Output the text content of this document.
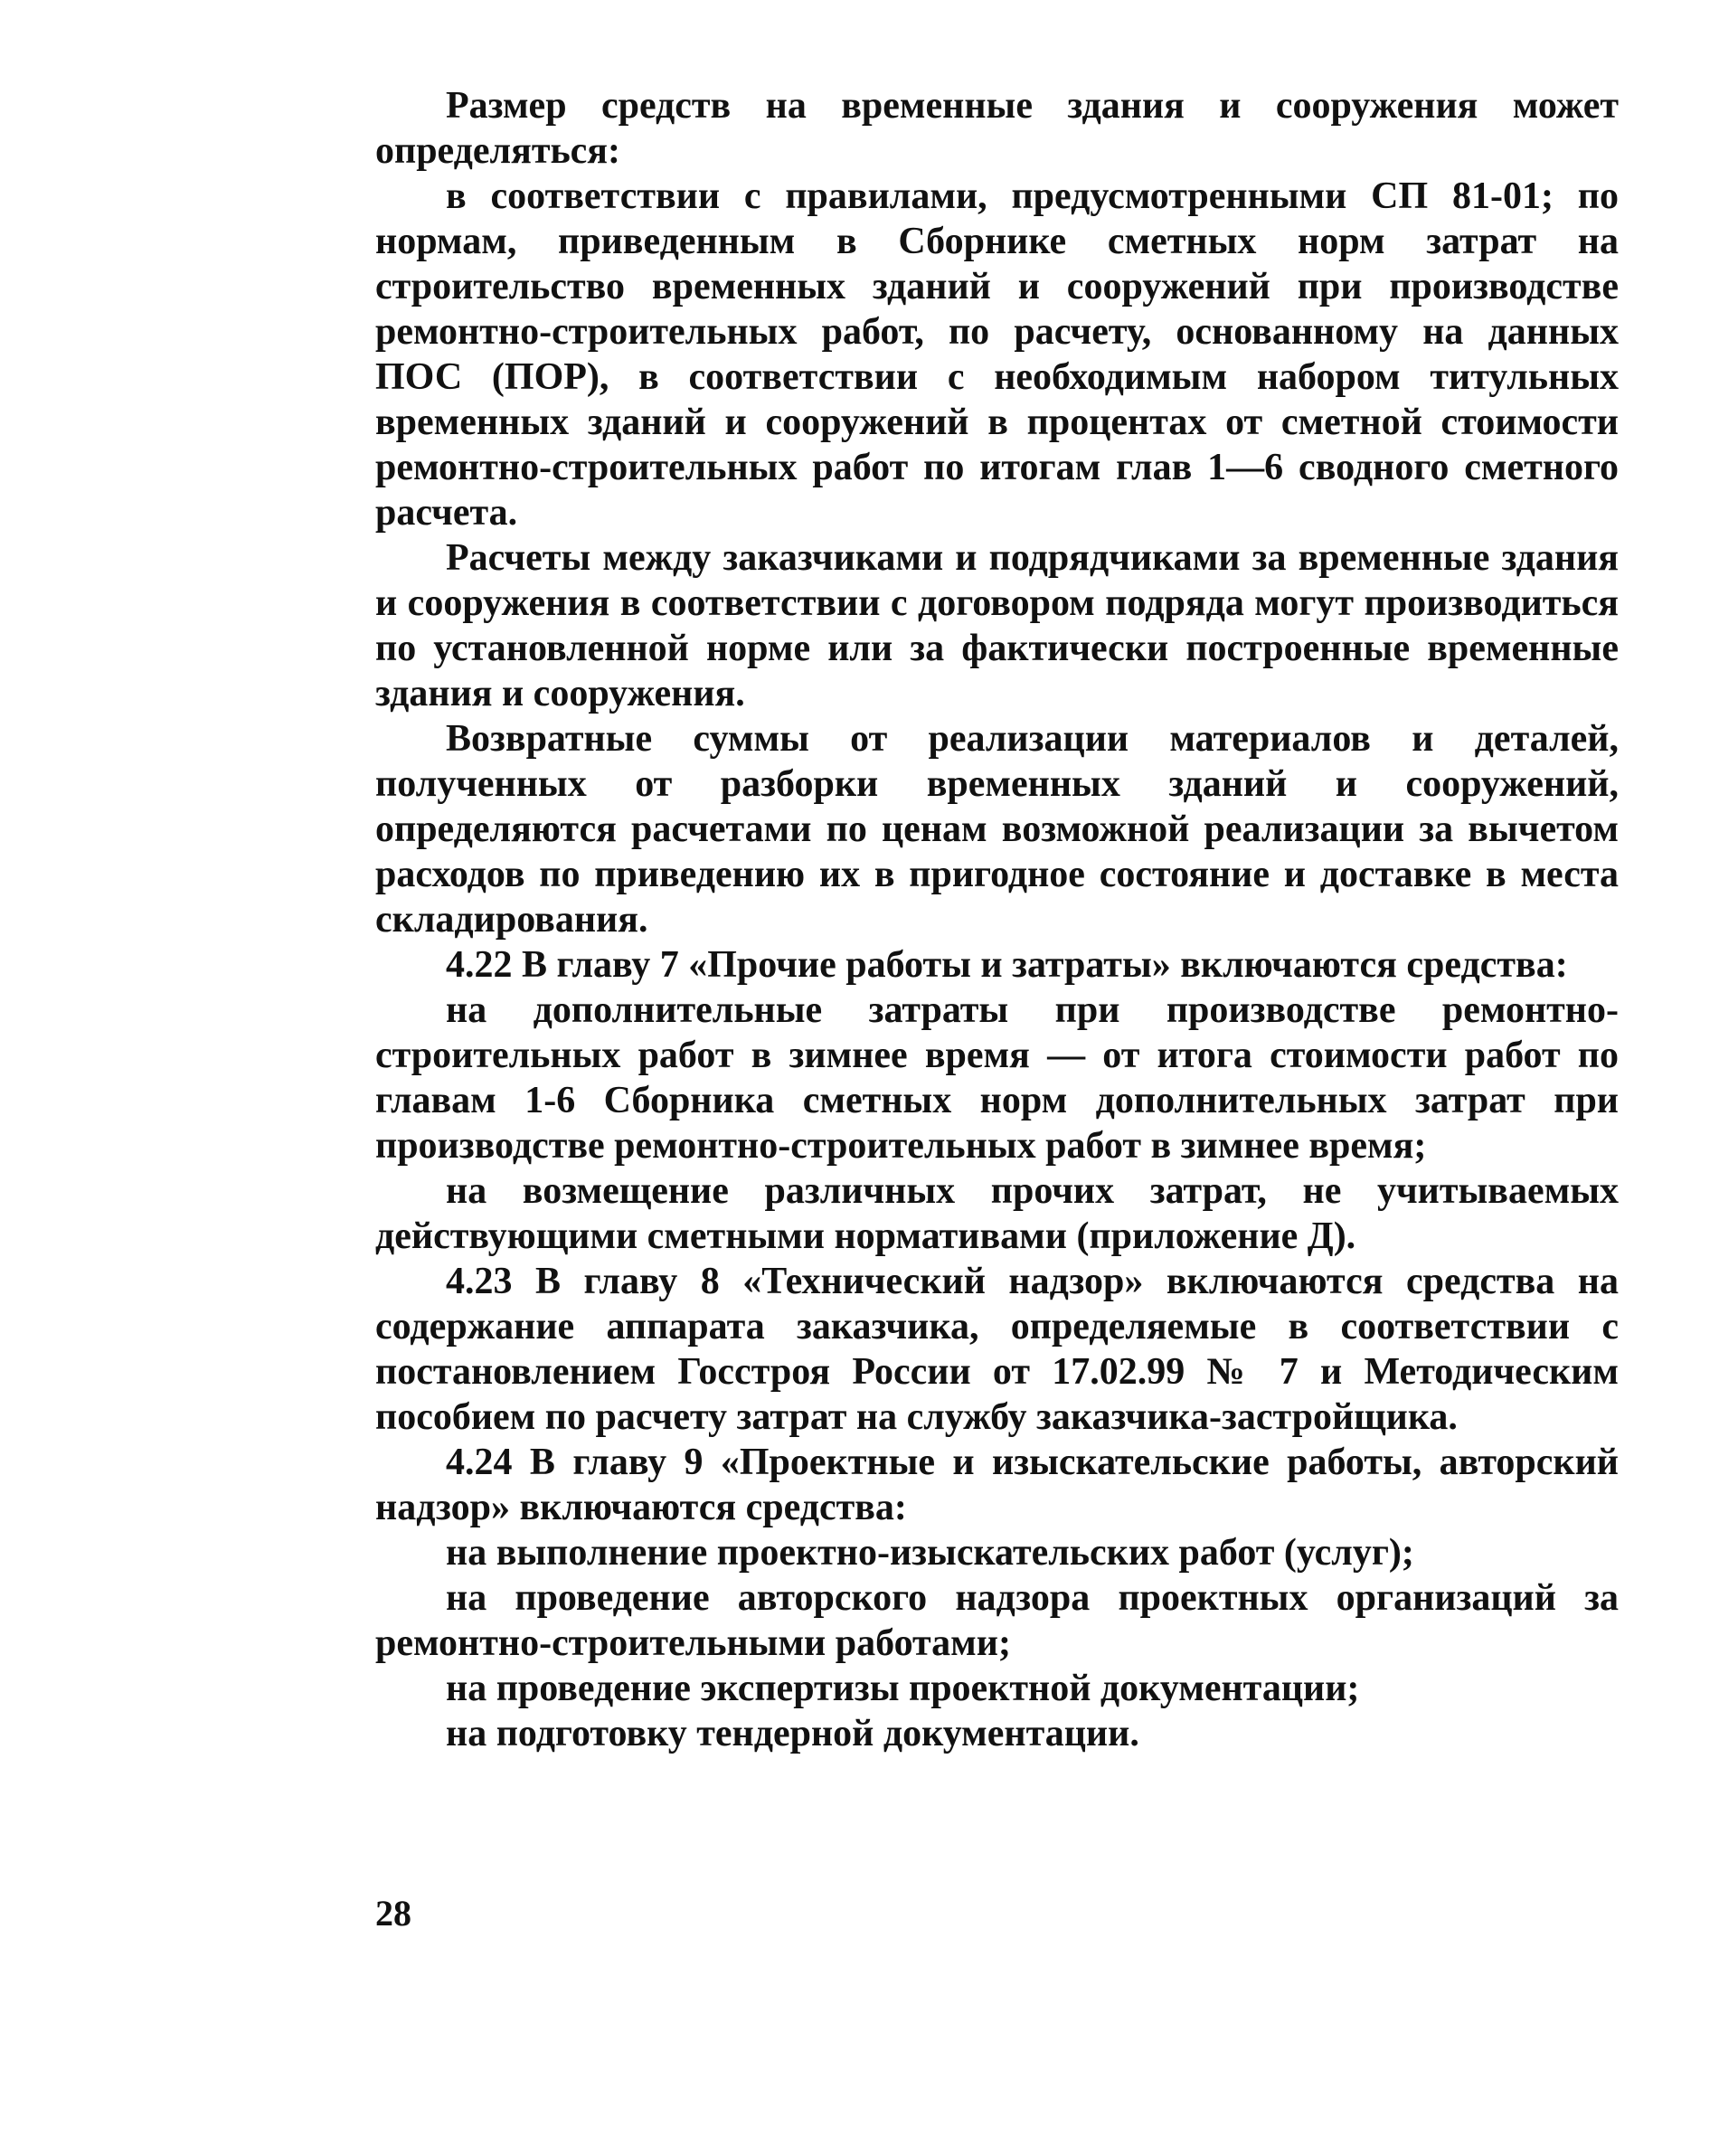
Размер средств на временные здания и сооружения может определяться:

в соответствии с правилами, предусмотренными СП 81-01; по нормам, приведенным в Сборнике сметных норм затрат на строительство временных зданий и сооружений при производстве ремонтно-строительных работ, по расчету, основанному на данных ПОС (ПОР), в соответствии с необходимым набором титульных временных зданий и сооружений в процентах от сметной стоимости ремонтно-строительных работ по итогам глав 1—6 сводного сметного расчета.

Расчеты между заказчиками и подрядчиками за временные здания и сооружения в соответствии с договором подряда могут производиться по установленной норме или за фактически построенные временные здания и сооружения.

Возвратные суммы от реализации материалов и деталей, полученных от разборки временных зданий и сооружений, определяются расчетами по ценам возможной реализации за вычетом расходов по приведению их в пригодное состояние и доставке в места складирования.

4.22 В главу 7 «Прочие работы и затраты» включаются средства:

на дополнительные затраты при производстве ремонтно-строительных работ в зимнее время — от итога стоимости работ по главам 1-6 Сборника сметных норм дополнительных затрат при производстве ремонтно-строительных работ в зимнее время;

на возмещение различных прочих затрат, не учитываемых действующими сметными нормативами (приложение Д).

4.23 В главу 8 «Технический надзор» включаются средства на содержание аппарата заказчика, определяемые в соответствии с постановлением Госстроя России от 17.02.99 № 7 и Методическим пособием по расчету затрат на службу заказчика-застройщика.

4.24 В главу 9 «Проектные и изыскательские работы, авторский надзор» включаются средства:

на выполнение проектно-изыскательских работ (услуг);

на проведение авторского надзора проектных организаций за ремонтно-строительными работами;

на проведение экспертизы проектной документации;

на подготовку тендерной документации.

28
